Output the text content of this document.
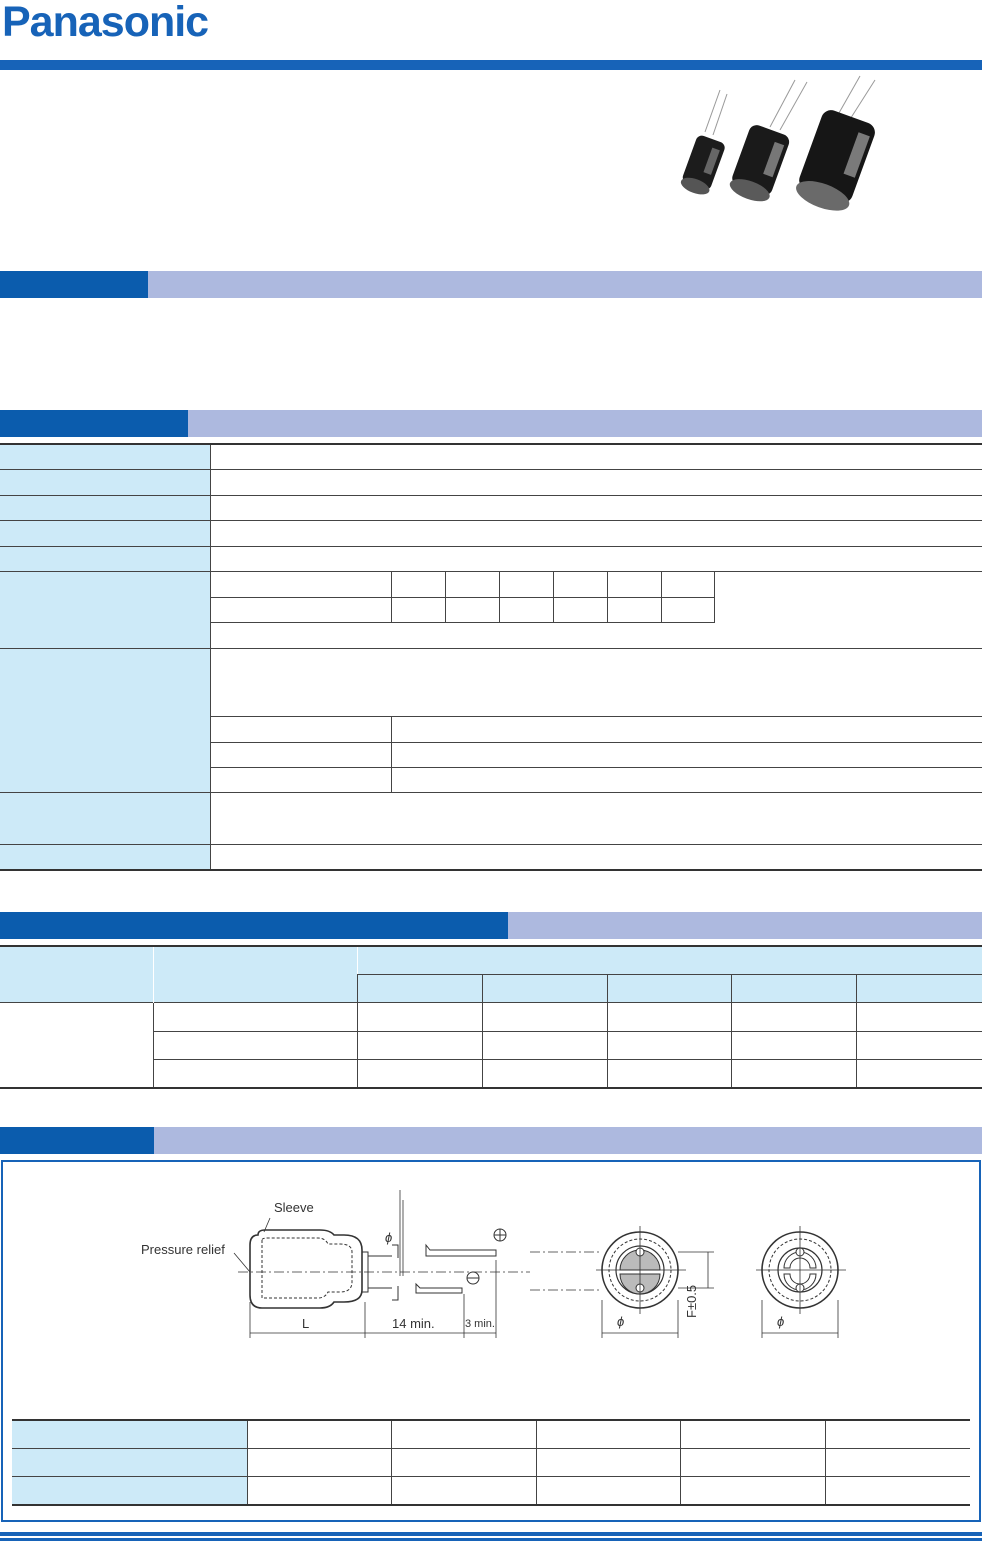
Panasonic
Sleeve
Pressure relief
L	14 min.	3 min.
ϕ
ϕ	ϕ
F±0.5
